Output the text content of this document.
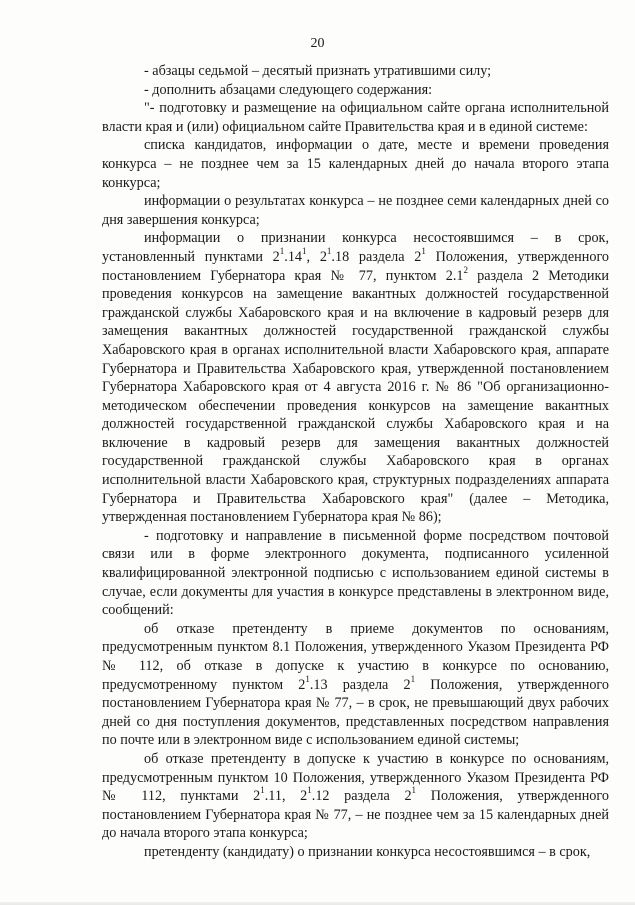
20

- абзацы седьмой – десятый признать утратившими силу;

- дополнить абзацами следующего содержания:

"- подготовку и размещение на официальном сайте органа исполнительной власти края и (или) официальном сайте Правительства края и в единой системе:

списка кандидатов, информации о дате, месте и времени проведения конкурса – не позднее чем за 15 календарных дней до начала второго этапа конкурса;

информации о результатах конкурса – не позднее семи календарных дней со дня завершения конкурса;

информации о признании конкурса несостоявшимся – в срок, установленный пунктами $2^1.14^1$, $2^1.18$ раздела $2^1$ Положения, утвержденного постановлением Губернатора края № 77, пунктом $2.1^2$ раздела 2 Методики проведения конкурсов на замещение вакантных должностей государственной гражданской службы Хабаровского края и на включение в кадровый резерв для замещения вакантных должностей государственной гражданской службы Хабаровского края в органах исполнительной власти Хабаровского края, аппарате Губернатора и Правительства Хабаровского края, утвержденной постановлением Губернатора Хабаровского края от 4 августа 2016 г. № 86 "Об организационно-методическом обеспечении проведения конкурсов на замещение вакантных должностей государственной гражданской службы Хабаровского края и на включение в кадровый резерв для замещения вакантных должностей государственной гражданской службы Хабаровского края в органах исполнительной власти Хабаровского края, структурных подразделениях аппарата Губернатора и Правительства Хабаровского края" (далее – Методика, утвержденная постановлением Губернатора края № 86);

- подготовку и направление в письменной форме посредством почтовой связи или в форме электронного документа, подписанного усиленной квалифицированной электронной подписью с использованием единой системы в случае, если документы для участия в конкурсе представлены в электронном виде, сообщений:

об отказе претенденту в приеме документов по основаниям, предусмотренным пунктом 8.1 Положения, утвержденного Указом Президента РФ № 112, об отказе в допуске к участию в конкурсе по основанию, предусмотренному пунктом $2^1.13$ раздела $2^1$ Положения, утвержденного постановлением Губернатора края № 77, – в срок, не превышающий двух рабочих дней со дня поступления документов, представленных посредством направления по почте или в электронном виде с использованием единой системы;

об отказе претенденту в допуске к участию в конкурсе по основаниям, предусмотренным пунктом 10 Положения, утвержденного Указом Президента РФ № 112, пунктами $2^1.11$, $2^1.12$ раздела $2^1$ Положения, утвержденного постановлением Губернатора края № 77, – не позднее чем за 15 календарных дней до начала второго этапа конкурса;

претенденту (кандидату) о признании конкурса несостоявшимся – в срок,
